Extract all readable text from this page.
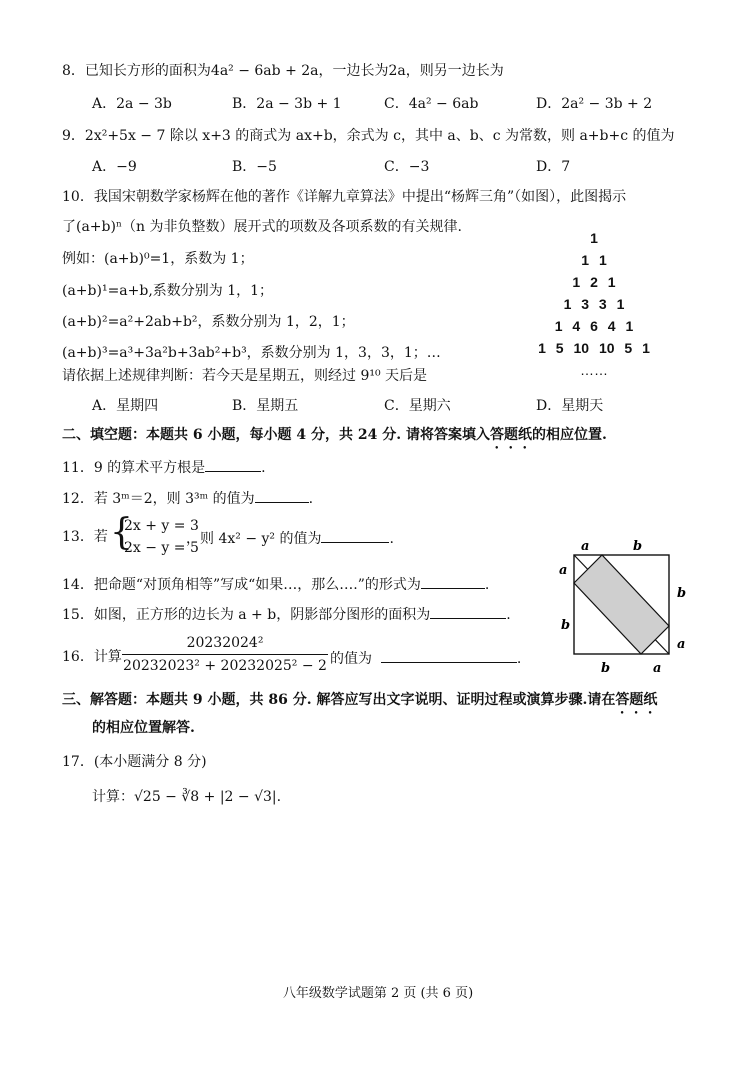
8．已知长方形的面积为4a² − 6ab + 2a，一边长为2a，则另一边长为
A．2a − 3b	B．2a − 3b + 1	C．4a² − 6ab	D．2a² − 3b + 2
9．2x²+5x − 7 除以 x+3 的商式为 ax+b，余式为 c，其中 a、b、c 为常数，则 a+b+c 的值为
A．−9	B．−5	C．−3	D．7
10．我国宋朝数学家杨辉在他的著作《详解九章算法》中提出“杨辉三角”（如图），此图揭示
了(a+b)ⁿ（n 为非负整数）展开式的项数及各项系数的有关规律.
例如：(a+b)⁰=1，系数为 1；
(a+b)¹=a+b,系数分别为 1，1；
(a+b)²=a²+2ab+b²，系数分别为 1，2，1；
(a+b)³=a³+3a²b+3ab²+b³，系数分别为 1，3，3，1；…
请依据上述规律判断：若今天是星期五，则经过 9¹⁰ 天后是
A．星期四	B．星期五	C．星期六	D．星期天
1
1 1
1 2 1
1 3 3 1
1 4 6 4 1
1 5 10 10 5 1
……
二、填空题：本题共 6 小题，每小题 4 分，共 24 分. 请将答案填入答题纸的相应位置.
11．9 的算术平方根是	.
12．若 3ᵐ＝2，则 3³ᵐ 的值为	.
13．若 {
2x + y = 3
2x − y = 5
，则 4x² − y² 的值为	.
14．把命题“对顶角相等”写成“如果…，那么….”的形式为	.
15．如图，正方形的边长为 a + b，阴影部分图形的面积为	.
16．计算
20232024²
20232023² + 20232025² − 2 的值为	.
a	b
a
b
b
a
b	a
三、解答题：本题共 9 小题，共 86 分. 解答应写出文字说明、证明过程或演算步骤.请在答题纸
的相应位置解答.
17．(本小题满分 8 分)
计算：√25 − ∛8 + |2 − √3|.
八年级数学试题第 2 页 (共 6 页)
